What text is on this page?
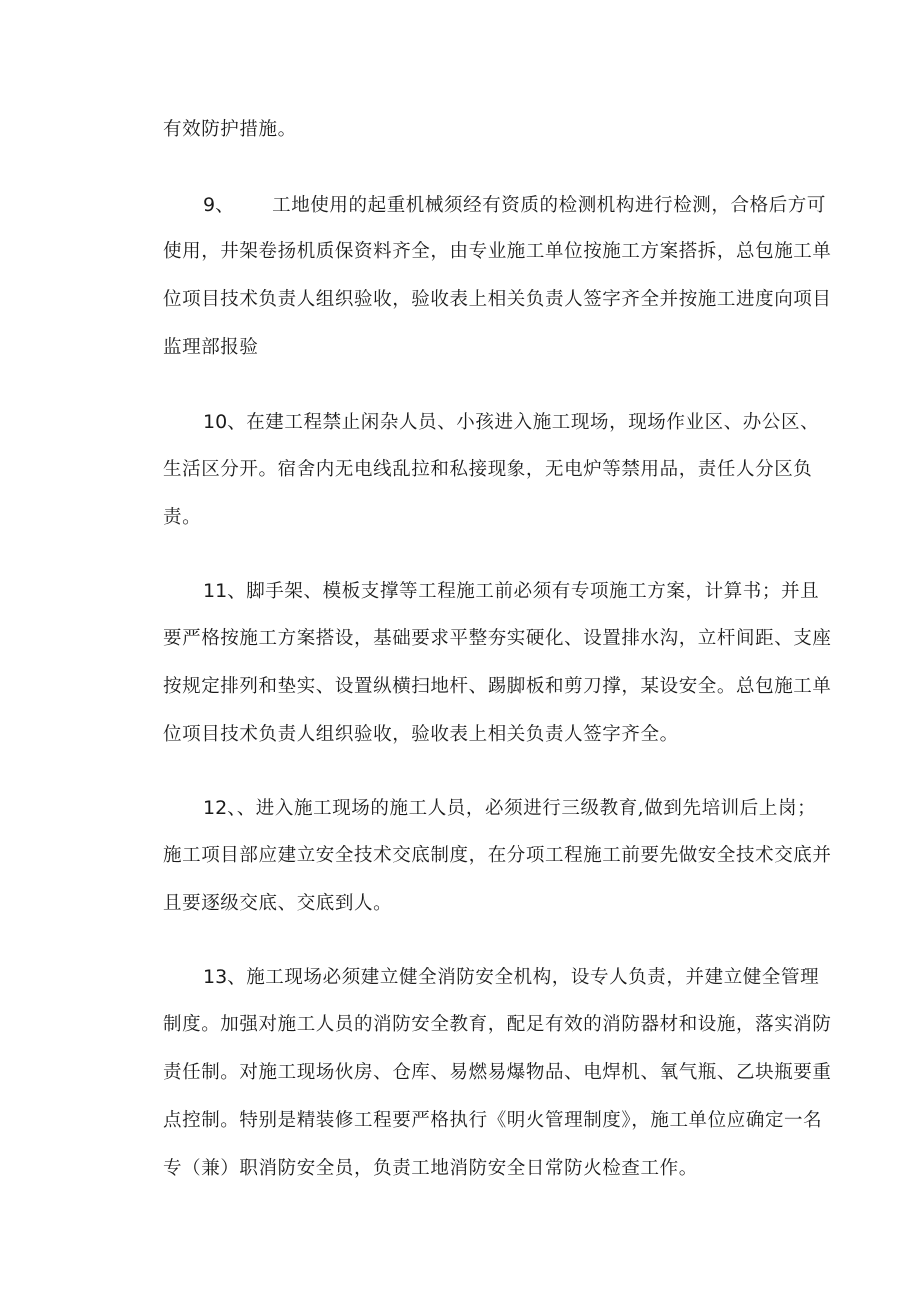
有效防护措施。

9、 工地使用的起重机械须经有资质的检测机构进行检测，合格后方可

使用，井架卷扬机质保资料齐全，由专业施工单位按施工方案搭拆，总包施工单

位项目技术负责人组织验收，验收表上相关负责人签字齐全并按施工进度向项目

监理部报验

10、在建工程禁止闲杂人员、小孩进入施工现场，现场作业区、办公区、

生活区分开。宿舍内无电线乱拉和私接现象，无电炉等禁用品，责任人分区负

责。

11、脚手架、模板支撑等工程施工前必须有专项施工方案，计算书；并且

要严格按施工方案搭设，基础要求平整夯实硬化、设置排水沟，立杆间距、支座

按规定排列和垫实、设置纵横扫地杆、踢脚板和剪刀撑，某设安全。总包施工单

位项目技术负责人组织验收，验收表上相关负责人签字齐全。

12、、进入施工现场的施工人员，必须进行三级教育,做到先培训后上岗；

施工项目部应建立安全技术交底制度，在分项工程施工前要先做安全技术交底并

且要逐级交底、交底到人。

13、施工现场必须建立健全消防安全机构，设专人负责，并建立健全管理

制度。加强对施工人员的消防安全教育，配足有效的消防器材和设施，落实消防

责任制。对施工现场伙房、仓库、易燃易爆物品、电焊机、氧气瓶、乙块瓶要重

点控制。特别是精装修工程要严格执行《明火管理制度》，施工单位应确定一名

专（兼）职消防安全员，负责工地消防安全日常防火检查工作。
